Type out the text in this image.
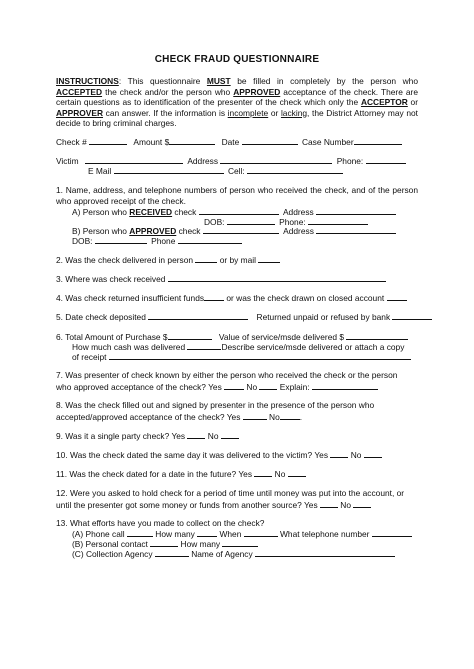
CHECK FRAUD QUESTIONNAIRE
INSTRUCTIONS: This questionnaire MUST be filled in completely by the person who ACCEPTED the check and/or the person who APPROVED acceptance of the check. There are certain questions as to identification of the presenter of the check which only the ACCEPTOR or APPROVER can answer. If the information is incomplete or lacking, the District Attorney may not decide to bring criminal charges.
Check #	Amount $	Date	Case Number
Victim	Address	Phone:
E Mail	Cell:
1. Name, address, and telephone numbers of person who received the check, and of the person who approved receipt of the check.
A) Person who RECEIVED check	Address
DOB:	Phone:
B) Person who APPROVED check	Address
DOB:	Phone
2. Was the check delivered in person	or by mail
3. Where was check received
4. Was check returned insufficient funds	or was the check drawn on closed account
5. Date check deposited	Returned unpaid or refused by bank
6. Total Amount of Purchase $	Value of service/msde delivered $
How much cash was delivered	Describe service/msde delivered or attach a copy
of receipt
7. Was presenter of check known by either the person who received the check or the person
who approved acceptance of the check? Yes	No	Explain:
8. Was the check filled out and signed by presenter in the presence of the person who
accepted/approved acceptance of the check? Yes	No .
9. Was it a single party check? Yes	No
10. Was the check dated the same day it was delivered to the victim? Yes	No
11. Was the check dated for a date in the future? Yes	No
12. Were you asked to hold check for a period of time until money was put into the account, or
until the presenter got some money or funds from another source? Yes	No
13. What efforts have you made to collect on the check?
(A) Phone call	How many	When	What telephone number
(B) Personal contact	How many
(C) Collection Agency	Name of Agency
